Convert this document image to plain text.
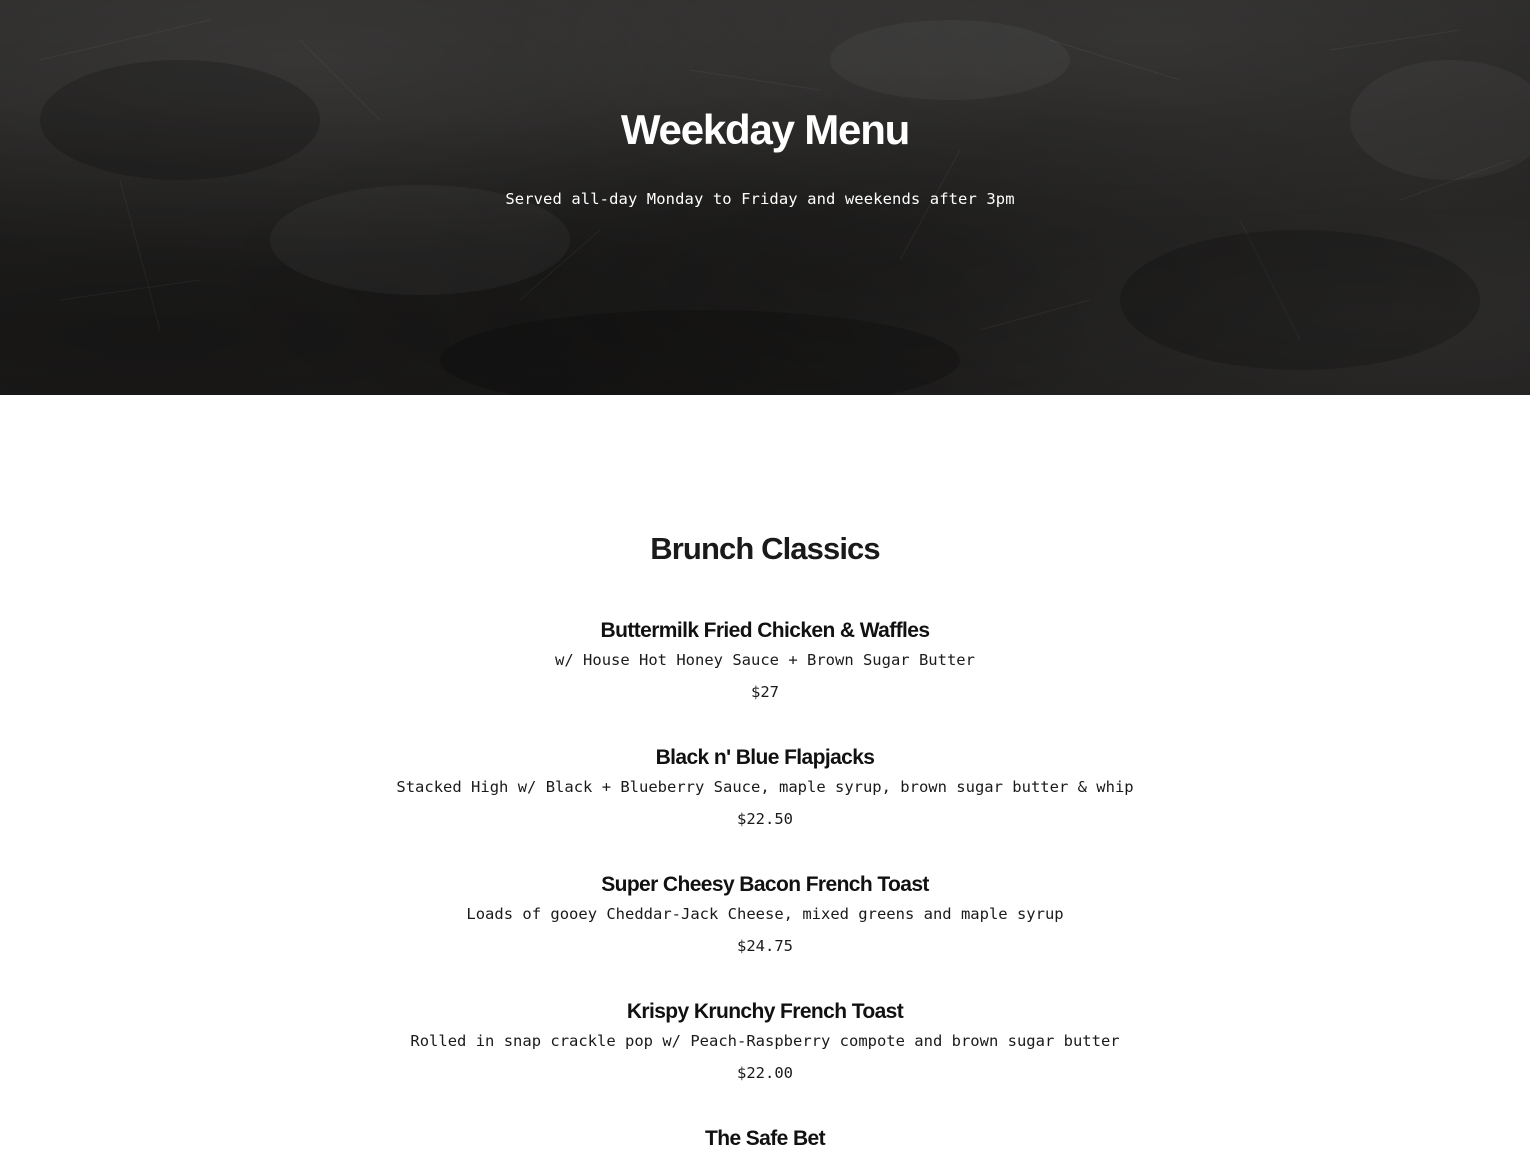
Weekday Menu

Served all-day Monday to Friday and weekends after 3pm

Brunch Classics
Buttermilk Fried Chicken & Waffles

w/ House Hot Honey Sauce + Brown Sugar Butter

$27

Black n' Blue Flapjacks

Stacked High w/ Black + Blueberry Sauce, maple syrup, brown sugar butter & whip

$22.50

Super Cheesy Bacon French Toast

Loads of gooey Cheddar-Jack Cheese, mixed greens and maple syrup

$24.75

Krispy Krunchy French Toast

Rolled in snap crackle pop w/ Peach-Raspberry compote and brown sugar butter

$22.00

The Safe Bet
